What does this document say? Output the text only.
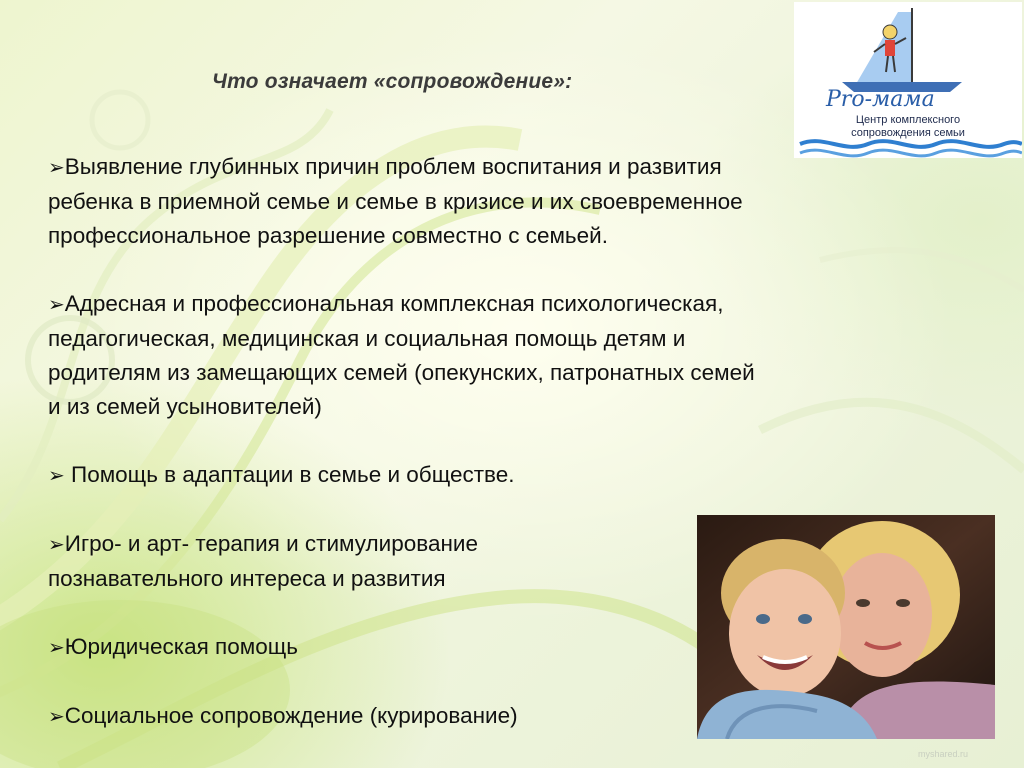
Что означает «сопровождение»:
Pro-мама
Центр комплексного
сопровождения семьи
➢Выявление глубинных причин проблем воспитания и развития
ребенка в приемной семье и семье в кризисе и их своевременное
профессиональное разрешение совместно с семьей.
➢Адресная и профессиональная комплексная психологическая,
педагогическая, медицинская и социальная помощь детям и
родителям из замещающих семей (опекунских, патронатных семей
и из семей усыновителей)
➢ Помощь в адаптации в семье и обществе.
➢Игро- и арт- терапия и стимулирование
познавательного интереса и развития
➢Юридическая помощь
➢Социальное сопровождение (курирование)
myshared.ru
